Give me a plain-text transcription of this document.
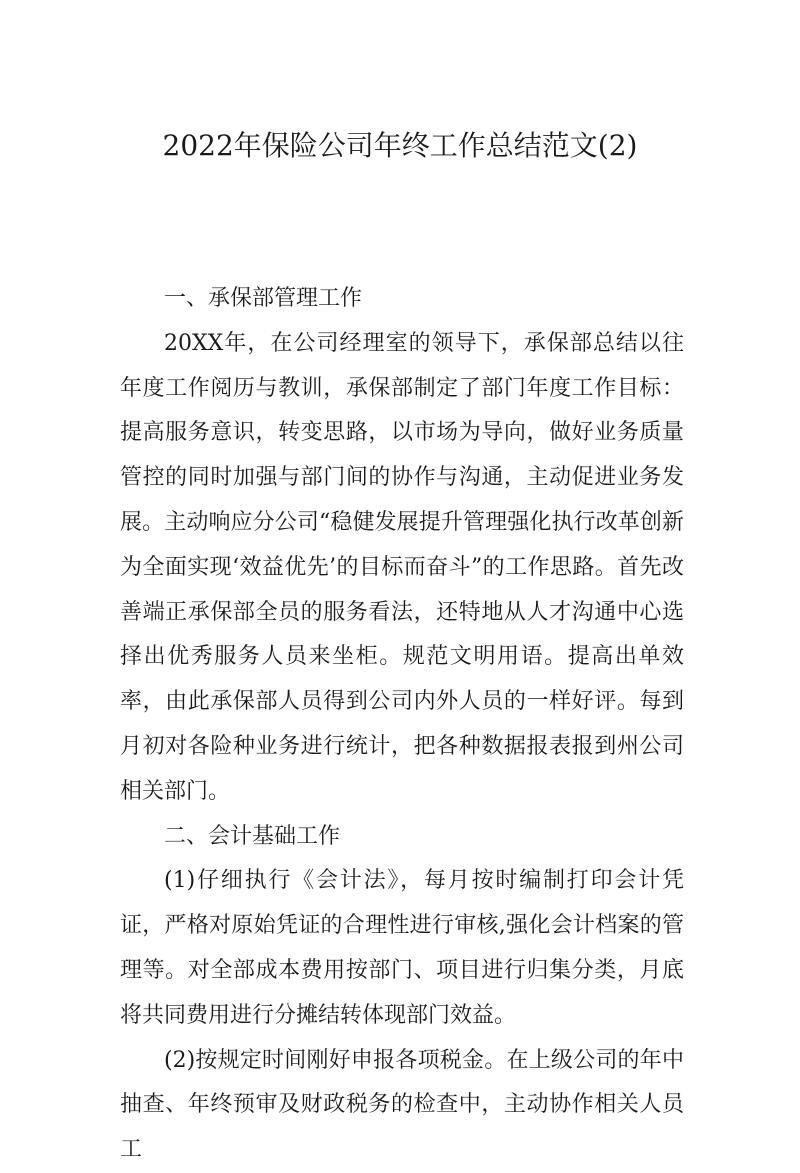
2022年保险公司年终工作总结范文(2)

一、承保部管理工作

20XX年，在公司经理室的领导下，承保部总结以往年度工作阅历与教训，承保部制定了部门年度工作目标：提高服务意识，转变思路，以市场为导向，做好业务质量管控的同时加强与部门间的协作与沟通，主动促进业务发展。主动响应分公司“稳健发展提升管理强化执行改革创新为全面实现‘效益优先’的目标而奋斗”的工作思路。首先改善端正承保部全员的服务看法，还特地从人才沟通中心选择出优秀服务人员来坐柜。规范文明用语。提高出单效率，由此承保部人员得到公司内外人员的一样好评。每到月初对各险种业务进行统计，把各种数据报表报到州公司相关部门。

二、会计基础工作

(1)仔细执行《会计法》，每月按时编制打印会计凭证，严格对原始凭证的合理性进行审核,强化会计档案的管理等。对全部成本费用按部门、项目进行归集分类，月底将共同费用进行分摊结转体现部门效益。

(2)按规定时间刚好申报各项税金。在上级公司的年中抽查、年终预审及财政税务的检查中，主动协作相关人员工
